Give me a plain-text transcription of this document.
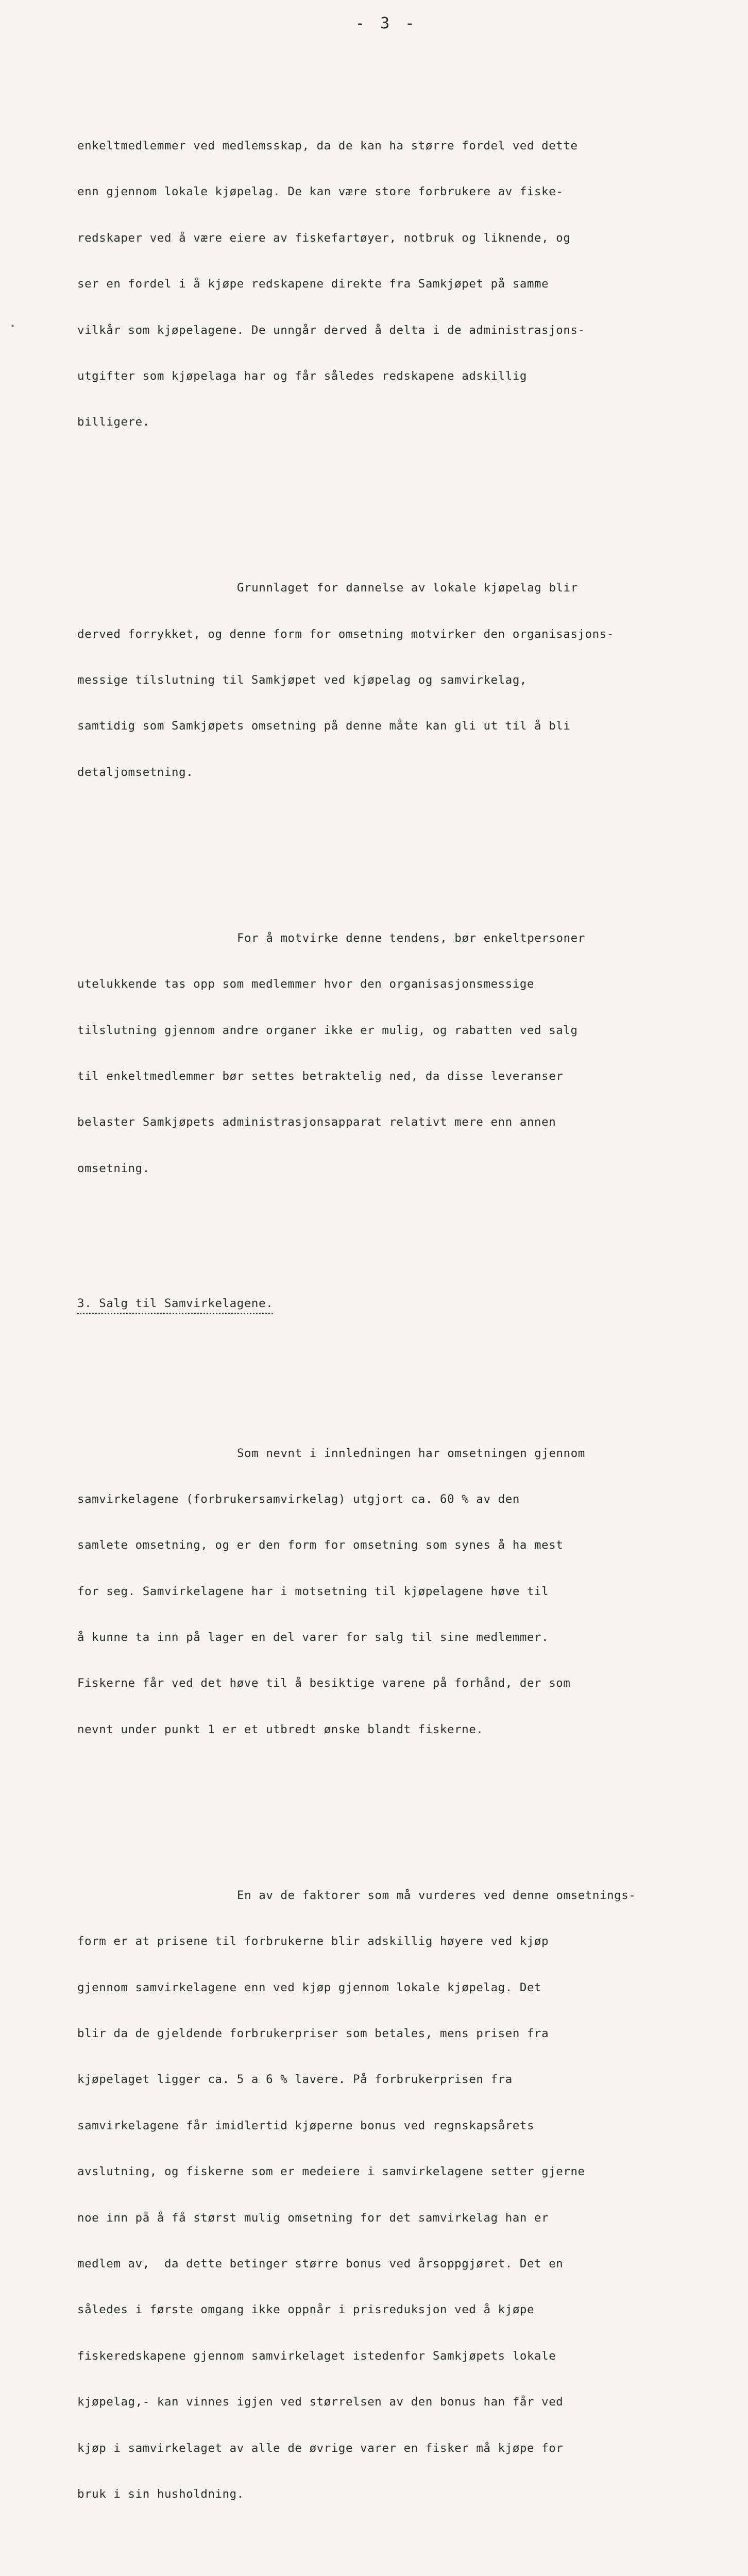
- 3 -

enkeltmedlemmer ved medlemsskap, da de kan ha større fordel ved dette

enn gjennom lokale kjøpelag. De kan være store forbrukere av fiske-

redskaper ved å være eiere av fiskefartøyer, notbruk og liknende, og

ser en fordel i å kjøpe redskapene direkte fra Samkjøpet på samme

vilkår som kjøpelagene. De unngår derved å delta i de administrasjons-

utgifter som kjøpelaga har og får således redskapene adskillig

billigere.

Grunnlaget for dannelse av lokale kjøpelag blir

derved forrykket, og denne form for omsetning motvirker den organisasjons-

messige tilslutning til Samkjøpet ved kjøpelag og samvirkelag,

samtidig som Samkjøpets omsetning på denne måte kan gli ut til å bli

detaljomsetning.

For å motvirke denne tendens, bør enkeltpersoner

utelukkende tas opp som medlemmer hvor den organisasjonsmessige

tilslutning gjennom andre organer ikke er mulig, og rabatten ved salg

til enkeltmedlemmer bør settes betraktelig ned, da disse leveranser

belaster Samkjøpets administrasjonsapparat relativt mere enn annen

omsetning.

3. Salg til Samvirkelagene.

Som nevnt i innledningen har omsetningen gjennom

samvirkelagene (forbrukersamvirkelag) utgjort ca. 60 % av den

samlete omsetning, og er den form for omsetning som synes å ha mest

for seg. Samvirkelagene har i motsetning til kjøpelagene høve til

å kunne ta inn på lager en del varer for salg til sine medlemmer.

Fiskerne får ved det høve til å besiktige varene på forhånd, der som

nevnt under punkt 1 er et utbredt ønske blandt fiskerne.

En av de faktorer som må vurderes ved denne omsetnings-

form er at prisene til forbrukerne blir adskillig høyere ved kjøp

gjennom samvirkelagene enn ved kjøp gjennom lokale kjøpelag. Det

blir da de gjeldende forbrukerpriser som betales, mens prisen fra

kjøpelaget ligger ca. 5 a 6 % lavere. På forbrukerprisen fra

samvirkelagene får imidlertid kjøperne bonus ved regnskapsårets

avslutning, og fiskerne som er medeiere i samvirkelagene setter gjerne

noe inn på å få størst mulig omsetning for det samvirkelag han er

medlem av,  da dette betinger større bonus ved årsoppgjøret. Det en

således i første omgang ikke oppnår i prisreduksjon ved å kjøpe

fiskeredskapene gjennom samvirkelaget istedenfor Samkjøpets lokale

kjøpelag,- kan vinnes igjen ved størrelsen av den bonus han får ved

kjøp i samvirkelaget av alle de øvrige varer en fisker må kjøpe for

bruk i sin husholdning.
